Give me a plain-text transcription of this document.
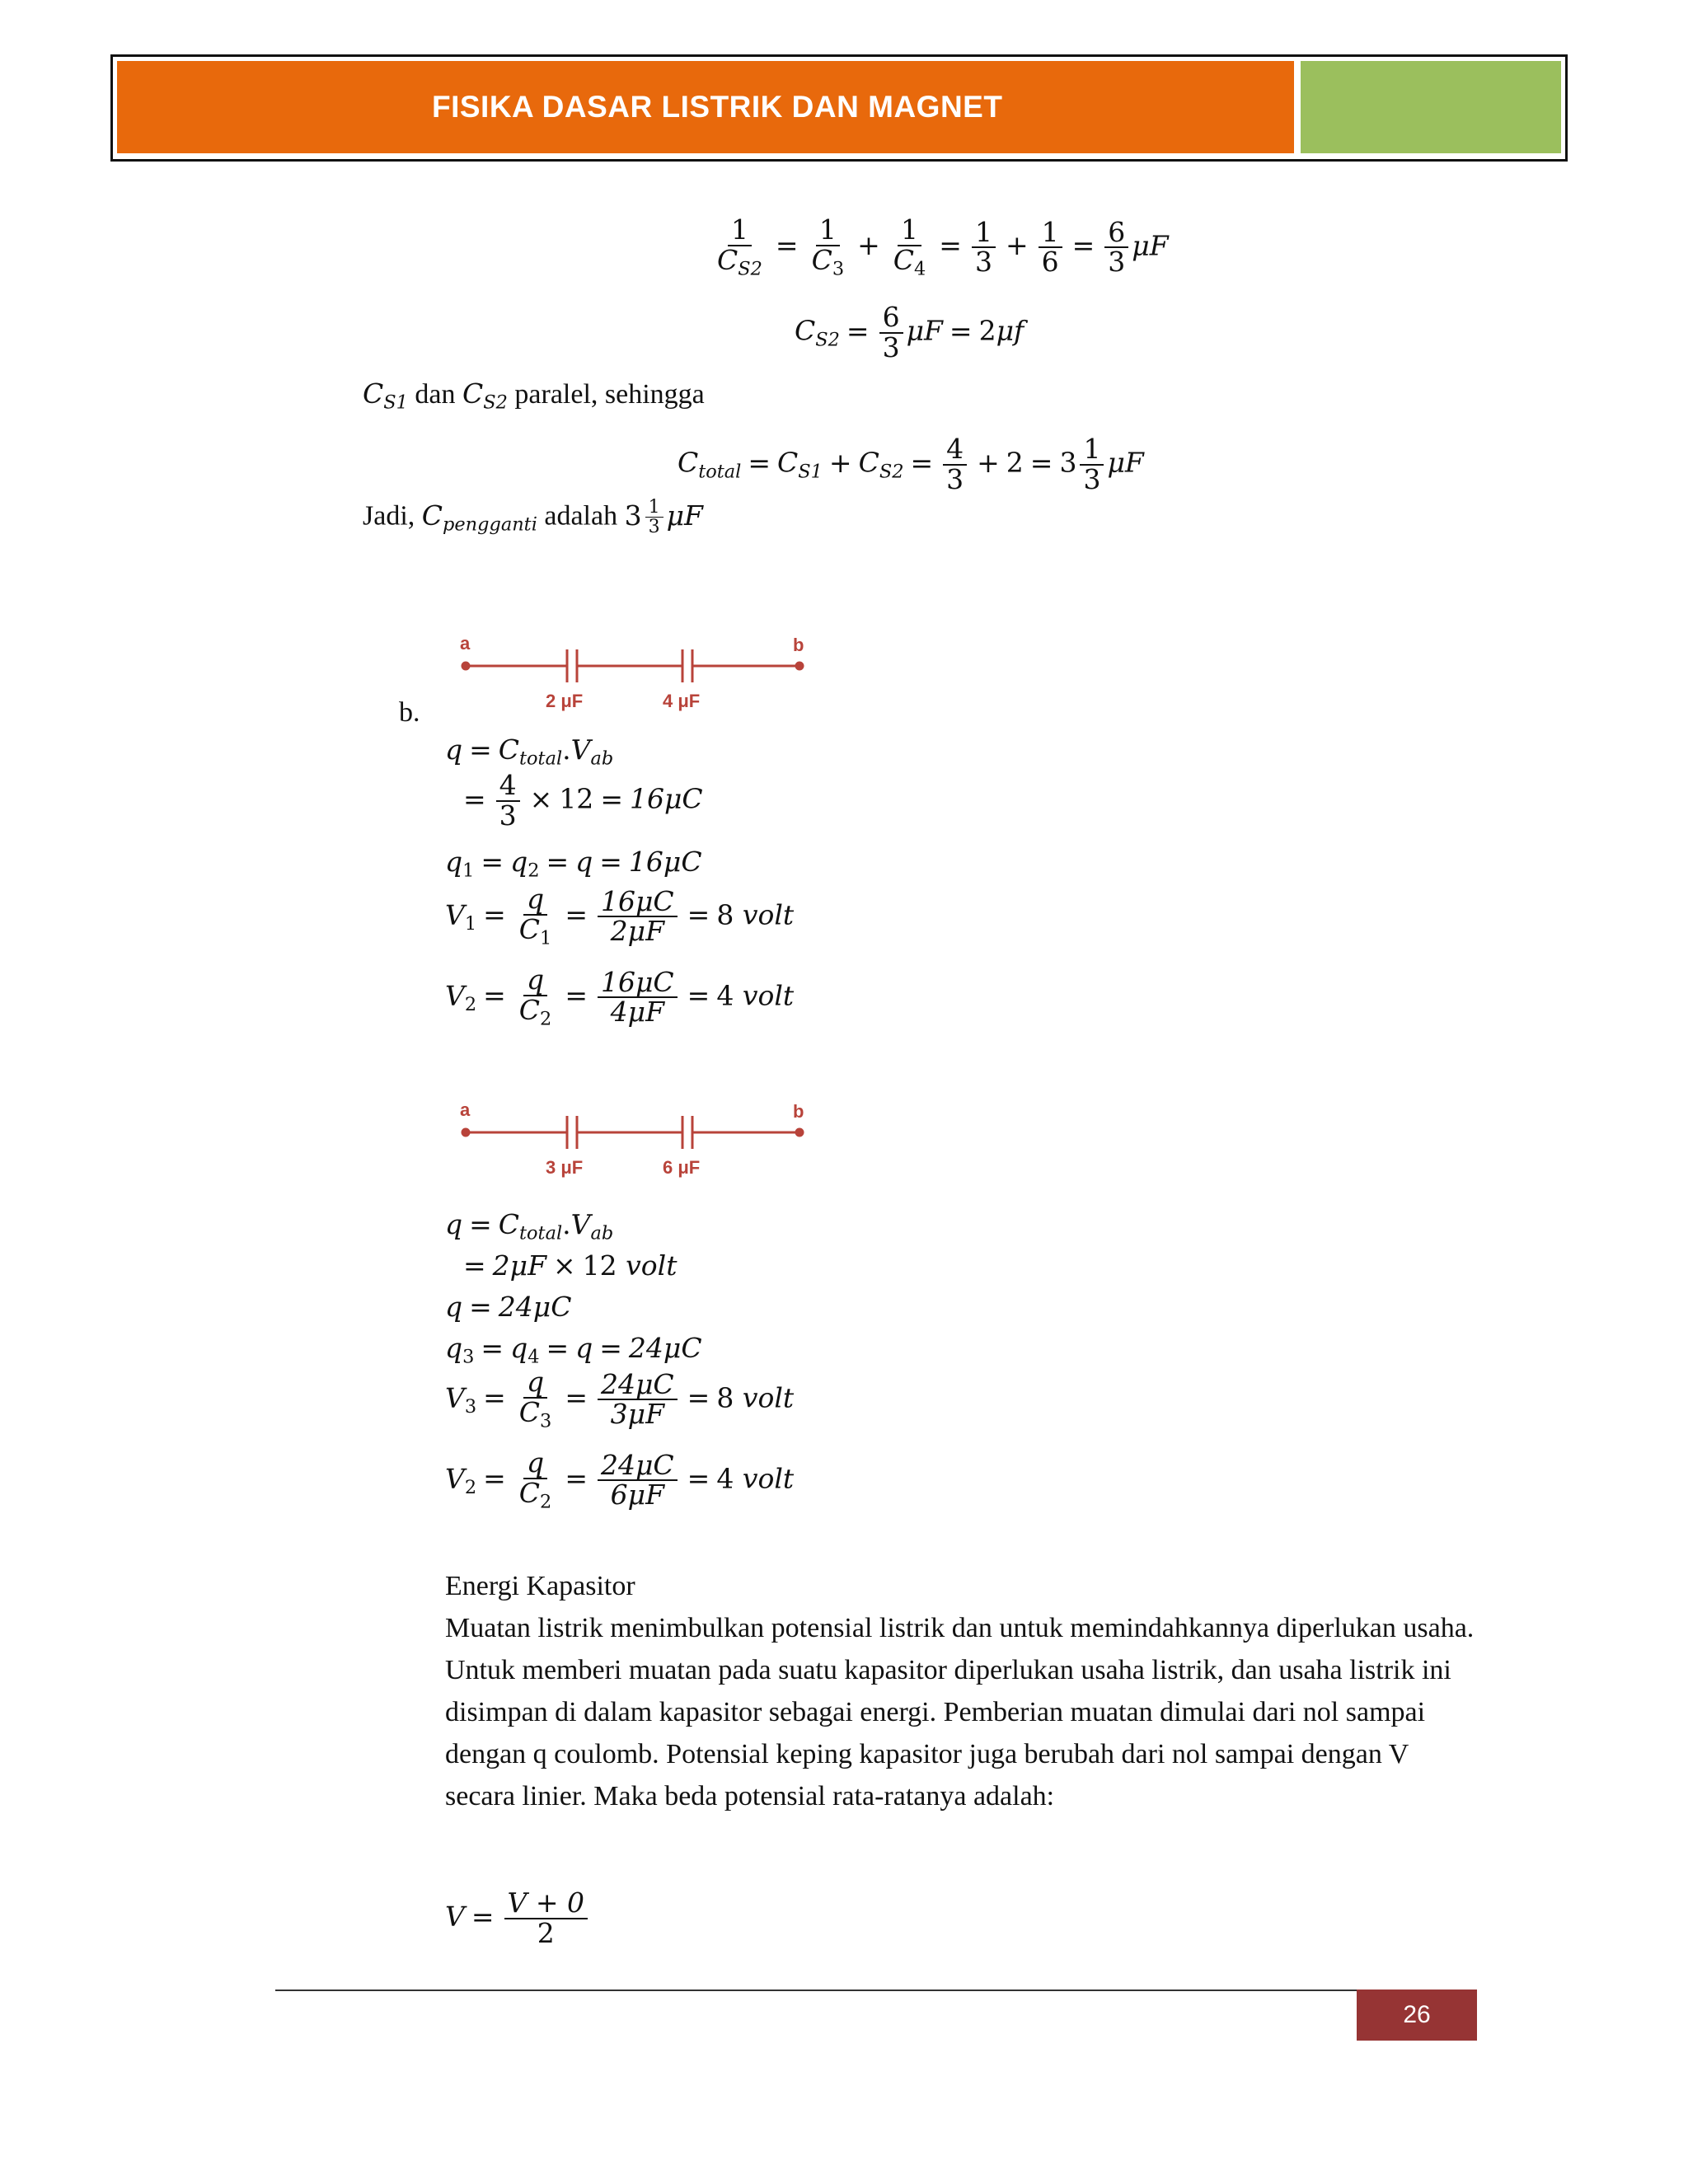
FISIKA DASAR LISTRIK DAN MAGNET
$\frac{1}{C_{S2}} = \frac{1}{C_3} + \frac{1}{C_4} = \frac{1}{3} + \frac{1}{6} = \frac{6}{3}$ μF
$C_{S2} = \frac{6}{3}$ μF = 2μf
$C_{S1}$ dan $C_{S2}$ paralel, sehingga
$C_{total} = C_{S1} + C_{S2} = \frac{4}{3} + 2 = 3 \frac{1}{3}$ μF
Jadi, $C_{pengganti}$ adalah $3 \frac{1}{3}$ μF
a	b
2 μF	4 μF
b.
$q = C_{total}.V_{ab}$
= $\frac{4}{3} \times 12 = 16\mu C$
$q_1 = q_2 = q = 16\mu C$
$V_1 = \frac{q}{C_1} = \frac{16\mu C}{2\mu F} = 8$ volt
$V_2 = \frac{q}{C_2} = \frac{16\mu C}{4\mu F} = 4$ volt
a	b
3 μF	6 μF
$q = C_{total}.V_{ab}$
= 2μF × 12 volt
q = 24μC
$q_3 = q_4 = q = 24\mu C$
$V_3 = \frac{q}{C_3} = \frac{24\mu C}{3\mu F} = 8$ volt
$V_2 = \frac{q}{C_2} = \frac{24\mu C}{6\mu F} = 4$ volt
Energi Kapasitor
Muatan listrik menimbulkan potensial listrik dan untuk memindahkannya diperlukan usaha. Untuk memberi muatan pada suatu kapasitor diperlukan usaha listrik, dan usaha listrik ini disimpan di dalam kapasitor sebagai energi. Pemberian muatan dimulai dari nol sampai dengan q coulomb. Potensial keping kapasitor juga berubah dari nol sampai dengan V secara linier. Maka beda potensial rata-ratanya adalah:
$V = \frac{V + 0}{2}$
26
